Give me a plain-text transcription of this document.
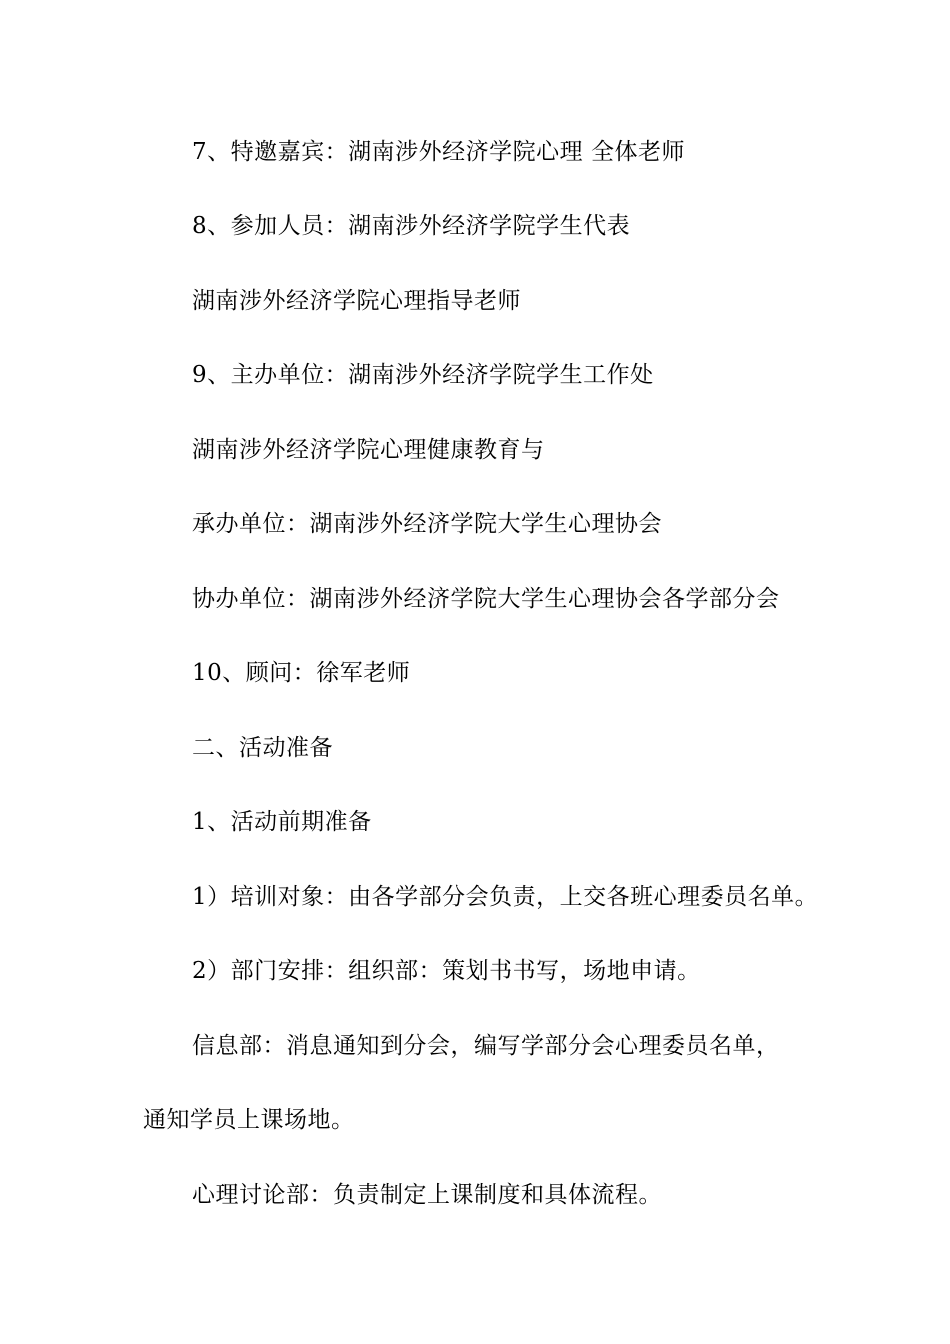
7、特邀嘉宾：湖南涉外经济学院心理 全体老师
8、参加人员：湖南涉外经济学院学生代表
湖南涉外经济学院心理指导老师
9、主办单位：湖南涉外经济学院学生工作处
湖南涉外经济学院心理健康教育与
承办单位：湖南涉外经济学院大学生心理协会
协办单位：湖南涉外经济学院大学生心理协会各学部分会
10、顾问：徐军老师
二、活动准备
1、活动前期准备
1）培训对象：由各学部分会负责，上交各班心理委员名单。
2）部门安排：组织部：策划书书写，场地申请。
信息部：消息通知到分会，编写学部分会心理委员名单，
通知学员上课场地。
心理讨论部：负责制定上课制度和具体流程。
